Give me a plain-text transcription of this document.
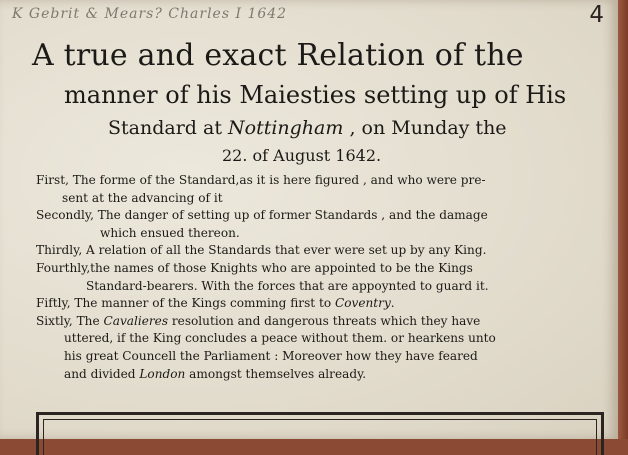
K Gebrit & Mears? Charles I 1642	4
A true and exact Relation of the
manner of his Maiesties setting up of His
Standard at Nottingham , on Munday the
22. of August 1642.
First, The forme of the Standard,as it is here figured , and who were pre-
sent at the advancing of it
Secondly, The danger of setting up of former Standards , and the damage
which ensued thereon.
Thirdly, A relation of all the Standards that ever were set up by any King.
Fourthly,the names of those Knights who are appointed to be the Kings
Standard-bearers. With the forces that are appoynted to guard it.
Fiftly, The manner of the Kings comming first to Coventry.
Sixtly, The Cavalieres resolution and dangerous threats which they have
uttered, if the King concludes a peace without them. or hearkens unto
his great Councell the Parliament : Moreover how they have feared
and divided London amongst themselves already.
